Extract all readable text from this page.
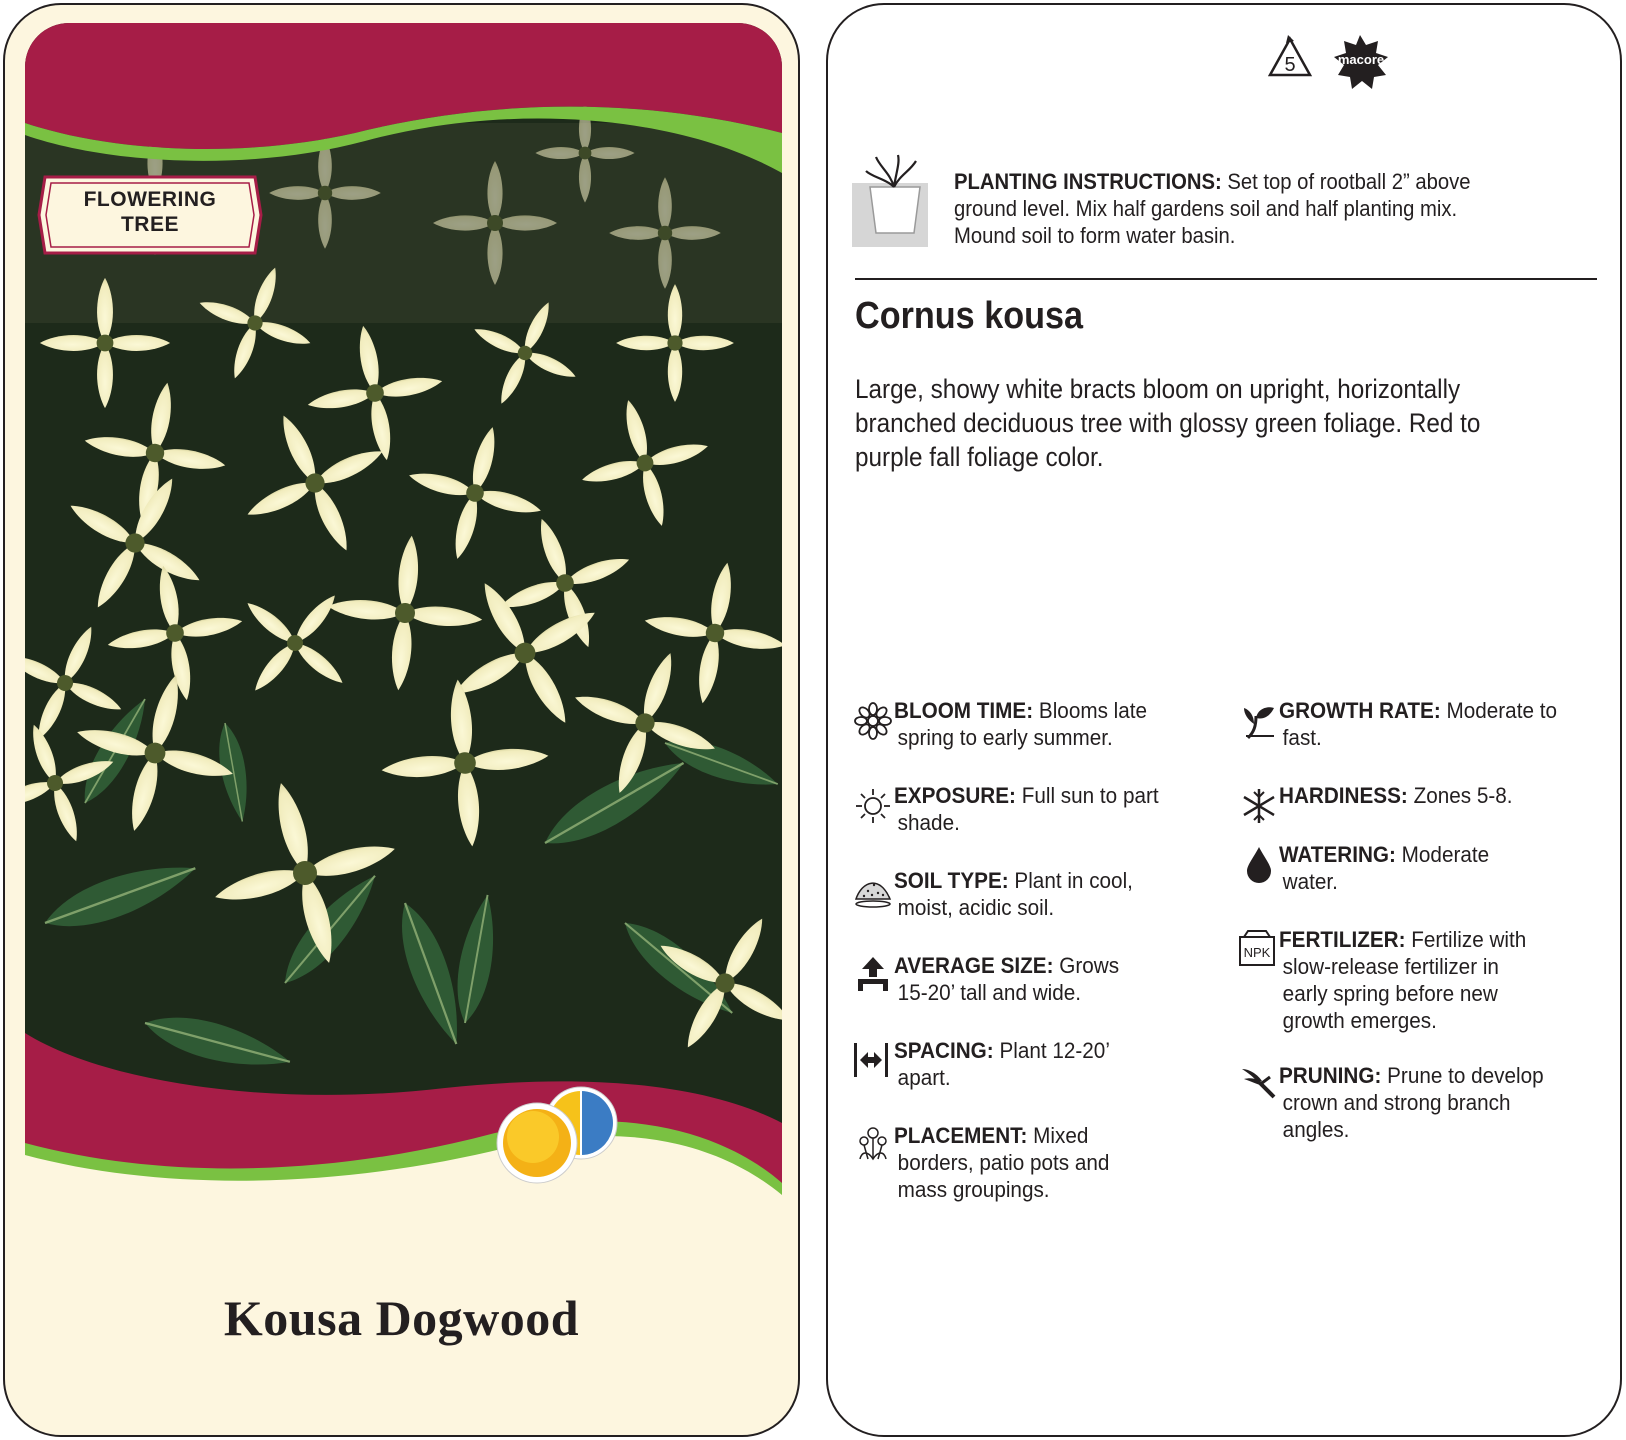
FLOWERING
TREE
Kousa Dogwood
5	macore
PLANTING INSTRUCTIONS: Set top of rootball 2” above
ground level. Mix half gardens soil and half planting mix.
Mound soil to form water basin.
Cornus kousa
Large, showy white bracts bloom on upright, horizontally
branched deciduous tree with glossy green foliage. Red to
purple fall foliage color.
BLOOM TIME: Blooms late
spring to early summer.
EXPOSURE: Full sun to part
shade.
SOIL TYPE: Plant in cool,
moist, acidic soil.
AVERAGE SIZE: Grows
15-20’ tall and wide.
SPACING: Plant 12-20’
apart.
PLACEMENT: Mixed
borders, patio pots and
mass groupings.
GROWTH RATE: Moderate to
fast.
HARDINESS: Zones 5-8.
WATERING: Moderate
water.
NPK
FERTILIZER: Fertilize with
slow-release fertilizer in
early spring before new
growth emerges.
PRUNING: Prune to develop
crown and strong branch
angles.
